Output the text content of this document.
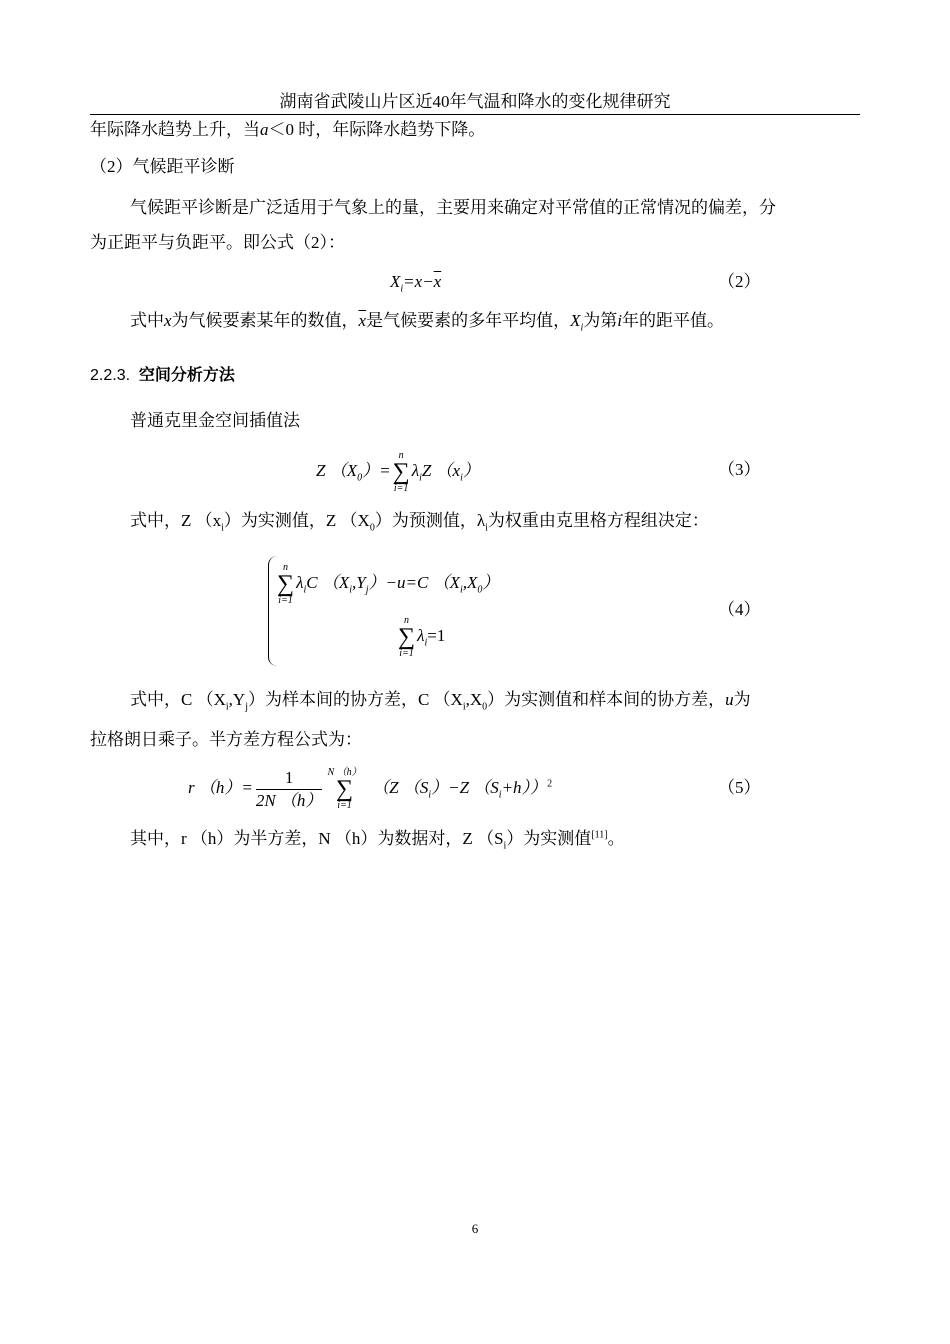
湖南省武陵山片区近40年气温和降水的变化规律研究
年际降水趋势上升，当a＜0 时，年际降水趋势下降。
（2）气候距平诊断
气候距平诊断是广泛适用于气象上的量，主要用来确定对平常值的正常情况的偏差，分
为正距平与负距平。即公式（2）：
$X_i=x-\overline{x}$	（2）
式中x为气候要素某年的数值，$\overline{x}$是气候要素的多年平均值，$X_i$为第i年的距平值。
2.2.3. 空间分析方法
普通克里金空间插值法
Z $(X_0)=$
n
∑
i=1
$\lambda_iZ$ $(x_i)$	（3）
式中，Z $(x_i)$为实测值，Z $(X_0)$为预测值，$\lambda_i$为权重由克里格方程组决定：
n
∑
i=1
$\lambda_iC$ $(X_i,Y_j)-u=C$ $(X_i,X_0)$
n
∑
i=1
$\lambda_i=1$
（4）
式中，C $(X_i,Y_j)$为样本间的协方差，C $(X_i,X_0)$为实测值和样本间的协方差，u为
拉格朗日乘子。半方差方程公式为：
r $(h)= \frac{1}{2N (h)}$ N （h）
∑
i=1
（Z $(S_i)-Z$ $(S_i+h))^2$	（5）
其中，r （h）为半方差，N （h）为数据对，Z $(S_i)$为实测值[11]。
6
